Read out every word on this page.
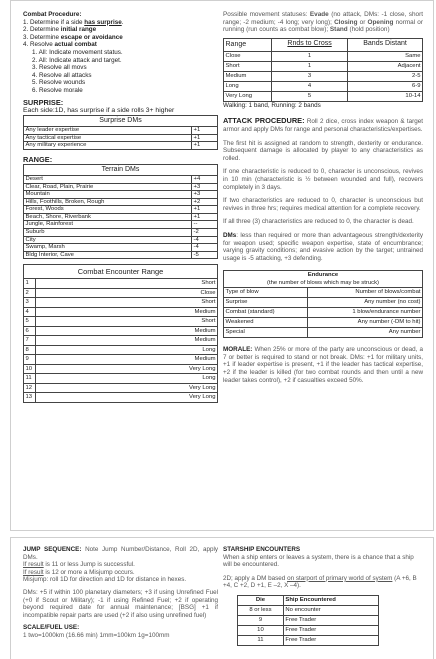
Combat Procedure:
1. Determine if a side has surprise.
2. Determine initial range
3. Determine escape or avoidance
4. Resolve actual combat
1. All: Indicate movement status.
2. All: Indicate attack and target.
3. Resolve all movs
4. Resolve all attacks
5. Resolve wounds
6. Resolve morale
SURPRISE:
Each side:1D, has surprise if a side rolls 3+ higher
Surprise DMs	
Any leader expertise	+1
Any tactical expertise	+1
Any military experience	+1
RANGE:
Terrain DMs	
Desert	+4
Clear, Road, Plain, Prairie	+3
Mountain	+3
Hills, Foothills, Broken, Rough	+2
Forest, Woods	+1
Beach, Shore, Riverbank	+1
Jungle, Rainforest	--
Suburb	-2
City	-4
Swamp, Marsh	-4
Bldg Interior, Cave	-5
Combat Encounter Range
1	Short
2	Close
3	Short
4	Medium
5	Short
6	Medium
7	Medium
8	Long
9	Medium
10	Very Long
11	Long
12	Very Long
13	Very Long
Possible movement statuses: Evade (no attack, DMs: -1 close, short range; -2 medium; -4 long; very long); Closing or Opening normal or running (run counts as combat blow); Stand (hold position)
Range	Rnds to Cross	Bands Distant
Close	1	Same
Short	1	Adjacent
Medium	3	2-5
Long	4	6-9
Very Long	5	10-14
Walking: 1 band, Running: 2 bands
ATTACK PROCEDURE: Roll 2 dice, cross index weapon & target armor and apply DMs for range and personal characteristics/expertises.
The first hit is assigned at random to strength, dexterity or endurance. Subsequent damage is allocated by player to any characteristics as rolled.
If one characteristic is reduced to 0, character is unconscious, revives in 10 min (characteristic is ½ between wounded and full), recovers completely in 3 days.
If two characteristics are reduced to 0, character is unconscious but revives in three hrs; requires medical attention for a complete recovery.
If all three (3) characteristics are reduced to 0, the character is dead.
DMs: less than required or more than advantageous strength/dexterity for weapon used; specific weapon expertise, state of encumbrance; varying gravity conditions; and evasive action by the target; untrained usage is -5 attacking, +3 defending.
Endurance
(the number of blows which may be struck)	
Type of blow	Number of blows/combat
Surprise	Any number (no cost)
Combat (standard)	1 blow/endurance number
Weakened	Any number (-DM to hit)
Special	Any number
MORALE: When 25% or more of the party are unconscious or dead, a 7 or better is required to stand or not break. DMs: +1 for military units, +1 if leader expertise is present, +1 if the leader has tactical expertise, +2 if the leader is killed (for two combat rounds and then until a new leader takes control), +2 if casualties exceed 50%.
JUMP SEQUENCE: Note Jump Number/Distance, Roll 2D, apply DMs.
If result is 11 or less Jump is successful.
If result is 12 or more a Misjump occurs.
Misjump: roll 1D for direction and 1D for distance in hexes.
DMs: +5 if within 100 planetary diameters; +3 if using Unrefined Fuel (+0 if Scout or Military); -1 if using Refined Fuel; +2 if operating beyond required date for annual maintenance; [BSG] +1 if incompatible repair parts are used (+2 if also using unrefined fuel)
SCALE/FUEL USE:
1 two=1000km (16.66 min) 1mm=100km 1g=100mm
STARSHIP ENCOUNTERS
When a ship enters or leaves a system, there is a chance that a ship will be encountered.
2D; apply a DM based on starport of primary world of system (A +6, B +4, C +2, D +1, E –2, X –4).
Die	Ship Encountered
8 or less	No encounter
9	Free Trader
10	Free Trader
11	Free Trader
